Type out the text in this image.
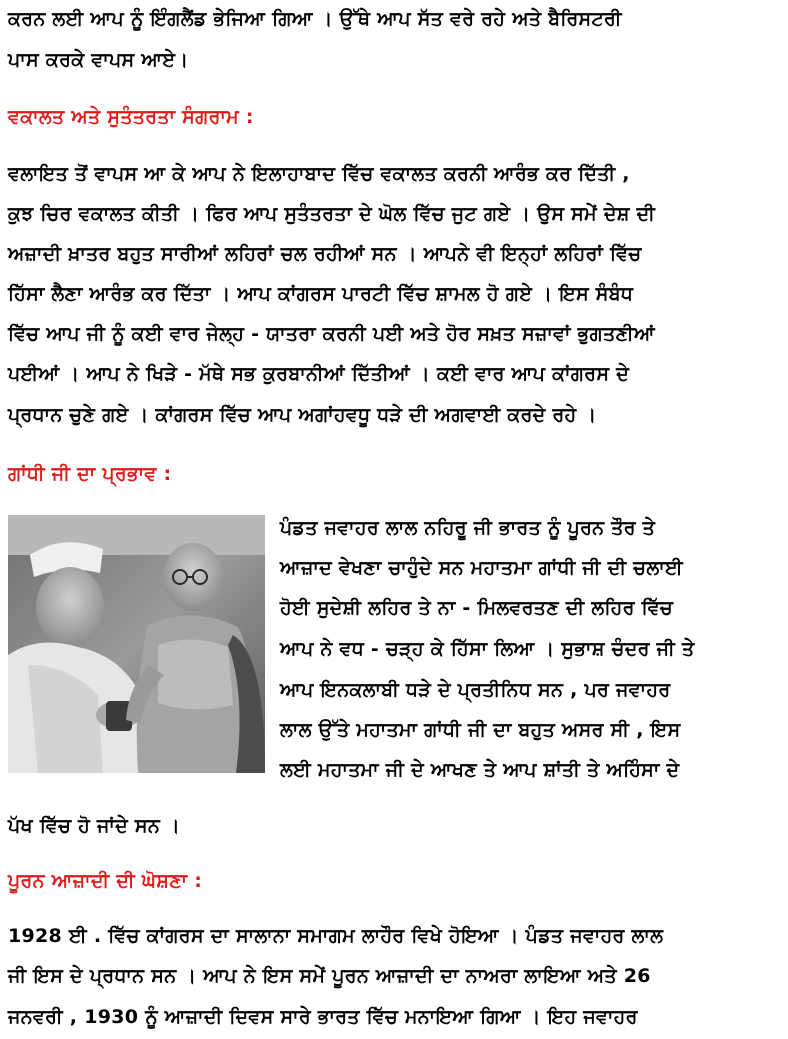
ਕਰਨ ਲਈ ਆਪ ਨੂੰ ਇੰਗਲੈਂਡ ਭੇਜਿਆ ਗਿਆ । ਉੱਥੇ ਆਪ ਸੱਤ ਵਰੇ ਰਹੇ ਅਤੇ ਬੈਰਿਸਟਰੀ
ਪਾਸ ਕਰਕੇ ਵਾਪਸ ਆਏ।
ਵਕਾਲਤ ਅਤੇ ਸੁਤੰਤਰਤਾ ਸੰਗਰਾਮ :
ਵਲਾਇਤ ਤੋਂ ਵਾਪਸ ਆ ਕੇ ਆਪ ਨੇ ਇਲਾਹਾਬਾਦ ਵਿੱਚ ਵਕਾਲਤ ਕਰਨੀ ਆਰੰਭ ਕਰ ਦਿੱਤੀ ,
ਕੁਝ ਚਿਰ ਵਕਾਲਤ ਕੀਤੀ । ਫਿਰ ਆਪ ਸੁਤੰਤਰਤਾ ਦੇ ਘੋਲ ਵਿੱਚ ਜੁਟ ਗਏ । ਉਸ ਸਮੇਂ ਦੇਸ਼ ਦੀ
ਅਜ਼ਾਦੀ ਖ਼ਾਤਰ ਬਹੁਤ ਸਾਰੀਆਂ ਲਹਿਰਾਂ ਚਲ ਰਹੀਆਂ ਸਨ । ਆਪਨੇ ਵੀ ਇਨ੍ਹਾਂ ਲਹਿਰਾਂ ਵਿੱਚ
ਹਿੱਸਾ ਲੈਣਾ ਆਰੰਭ ਕਰ ਦਿੱਤਾ । ਆਪ ਕਾਂਗਰਸ ਪਾਰਟੀ ਵਿੱਚ ਸ਼ਾਮਲ ਹੋ ਗਏ । ਇਸ ਸੰਬੰਧ
ਵਿੱਚ ਆਪ ਜੀ ਨੂੰ ਕਈ ਵਾਰ ਜੇਲ੍ਹ - ਯਾਤਰਾ ਕਰਨੀ ਪਈ ਅਤੇ ਹੋਰ ਸਖ਼ਤ ਸਜ਼ਾਵਾਂ ਭੁਗਤਣੀਆਂ
ਪਈਆਂ । ਆਪ ਨੇ ਖਿੜੇ - ਮੱਥੇ ਸਭ ਕੁਰਬਾਨੀਆਂ ਦਿੱਤੀਆਂ । ਕਈ ਵਾਰ ਆਪ ਕਾਂਗਰਸ ਦੇ
ਪ੍ਰਧਾਨ ਚੁਣੇ ਗਏ । ਕਾਂਗਰਸ ਵਿੱਚ ਆਪ ਅਗਾਂਹਵਧੂ ਧੜੇ ਦੀ ਅਗਵਾਈ ਕਰਦੇ ਰਹੇ ।
ਗਾਂਧੀ ਜੀ ਦਾ ਪ੍ਰਭਾਵ :
ਪੰਡਤ ਜਵਾਹਰ ਲਾਲ ਨਹਿਰੂ ਜੀ ਭਾਰਤ ਨੂੰ ਪੂਰਨ ਤੌਰ ਤੇ
ਆਜ਼ਾਦ ਵੇਖਣਾ ਚਾਹੁੰਦੇ ਸਨ ਮਹਾਤਮਾ ਗਾਂਧੀ ਜੀ ਦੀ ਚਲਾਈ
ਹੋਈ ਸੁਦੇਸ਼ੀ ਲਹਿਰ ਤੇ ਨਾ - ਮਿਲਵਰਤਣ ਦੀ ਲਹਿਰ ਵਿੱਚ
ਆਪ ਨੇ ਵਧ - ਚੜ੍ਹ ਕੇ ਹਿੱਸਾ ਲਿਆ । ਸੁਭਾਸ਼ ਚੰਦਰ ਜੀ ਤੇ
ਆਪ ਇਨਕਲਾਬੀ ਧੜੇ ਦੇ ਪ੍ਰਤੀਨਿਧ ਸਨ , ਪਰ ਜਵਾਹਰ
ਲਾਲ ਉੱਤੇ ਮਹਾਤਮਾ ਗਾਂਧੀ ਜੀ ਦਾ ਬਹੁਤ ਅਸਰ ਸੀ , ਇਸ
ਲਈ ਮਹਾਤਮਾ ਜੀ ਦੇ ਆਖਣ ਤੇ ਆਪ ਸ਼ਾਂਤੀ ਤੇ ਅਹਿੰਸਾ ਦੇ
ਪੱਖ ਵਿੱਚ ਹੋ ਜਾਂਦੇ ਸਨ ।
ਪੂਰਨ ਆਜ਼ਾਦੀ ਦੀ ਘੋਸ਼ਣਾ :
1928 ਈ . ਵਿੱਚ ਕਾਂਗਰਸ ਦਾ ਸਾਲਾਨਾ ਸਮਾਗਮ ਲਾਹੌਰ ਵਿਖੇ ਹੋਇਆ । ਪੰਡਤ ਜਵਾਹਰ ਲਾਲ
ਜੀ ਇਸ ਦੇ ਪ੍ਰਧਾਨ ਸਨ । ਆਪ ਨੇ ਇਸ ਸਮੇਂ ਪੂਰਨ ਆਜ਼ਾਦੀ ਦਾ ਨਾਅਰਾ ਲਾਇਆ ਅਤੇ 26
ਜਨਵਰੀ , 1930 ਨੂੰ ਆਜ਼ਾਦੀ ਦਿਵਸ ਸਾਰੇ ਭਾਰਤ ਵਿੱਚ ਮਨਾਇਆ ਗਿਆ । ਇਹ ਜਵਾਹਰ
